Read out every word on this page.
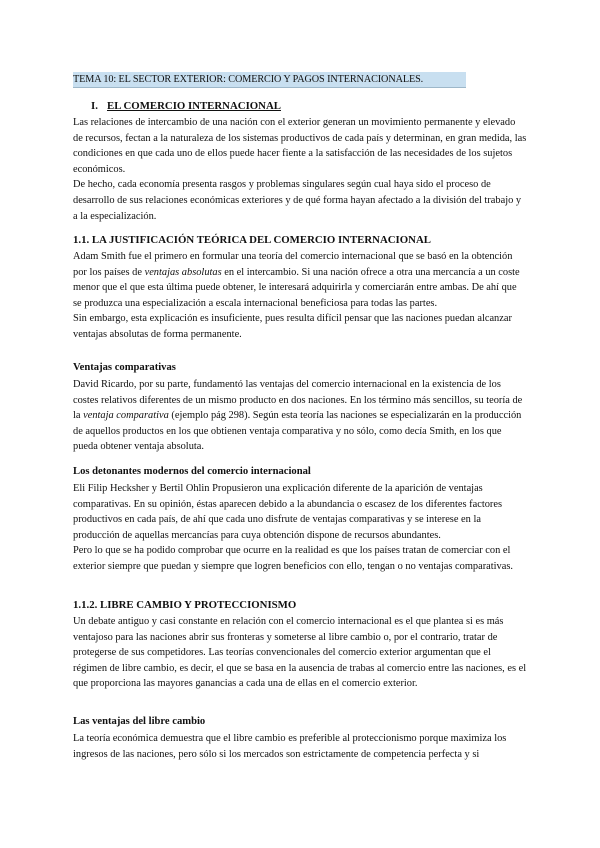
TEMA 10: EL SECTOR EXTERIOR: COMERCIO Y PAGOS INTERNACIONALES.
I. EL COMERCIO INTERNACIONAL

Las relaciones de intercambio de una nación con el exterior generan un movimiento permanente y elevado de recursos, fectan a la naturaleza de los sistemas productivos de cada país y determinan, en gran medida, las condiciones en que cada uno de ellos puede hacer fiente a la satisfacción de las necesidades de los sujetos económicos.

De hecho, cada economía presenta rasgos y problemas singulares según cual haya sido el proceso de desarrollo de sus relaciones económicas exteriores y de qué forma hayan afectado a la división del trabajo y a la especialización.

1.1. LA JUSTIFICACIÓN TEÓRICA DEL COMERCIO INTERNACIONAL

Adam Smith fue el primero en formular una teoría del comercio internacional que se basó en la obtención por los países de ventajas absolutas en el intercambio. Si una nación ofrece a otra una mercancía a un coste menor que el que esta última puede obtener, le interesará adquirirla y comerciarán entre ambas. De ahí que se produzca una especialización a escala internacional beneficiosa para todas las partes.

Sin embargo, esta explicación es insuficiente, pues resulta difícil pensar que las naciones puedan alcanzar ventajas absolutas de forma permanente.

Ventajas comparativas

David Ricardo, por su parte, fundamentó las ventajas del comercio internacional en la existencia de los costes relativos diferentes de un mismo producto en dos naciones. En los término más sencillos, su teoría de la ventaja comparativa (ejemplo pág 298). Según esta teoría las naciones se especializarán en la producción de aquellos productos en los que obtienen ventaja comparativa y no sólo, como decía Smith, en los que pueda obtener ventaja absoluta.

Los detonantes modernos del comercio internacional

Eli Filip Hecksher y Bertil Ohlin Propusieron una explicación diferente de la aparición de ventajas comparativas. En su opinión, éstas aparecen debido a la abundancia o escasez de los diferentes factores productivos en cada país, de ahí que cada uno disfrute de ventajas comparativas y se interese en la producción de aquellas mercancías para cuya obtención dispone de recursos abundantes.

Pero lo que se ha podido comprobar que ocurre en la realidad es que los países tratan de comerciar con el exterior siempre que puedan y siempre que logren beneficios con ello, tengan o no ventajas comparativas.

1.1.2. LIBRE CAMBIO Y PROTECCIONISMO

Un debate antiguo y casi constante en relación con el comercio internacional es el que plantea si es más ventajoso para las naciones abrir sus fronteras y someterse al libre cambio o, por el contrario, tratar de protegerse de sus competidores. Las teorías convencionales del comercio exterior argumentan que el régimen de libre cambio, es decir, el que se basa en la ausencia de trabas al comercio entre las naciones, es el que proporciona las mayores ganancias a cada una de ellas en el comercio exterior.

Las ventajas del libre cambio

La teoría económica demuestra que el libre cambio es preferible al proteccionismo porque maximiza los ingresos de las naciones, pero sólo si los mercados son estrictamente de competencia perfecta y si
